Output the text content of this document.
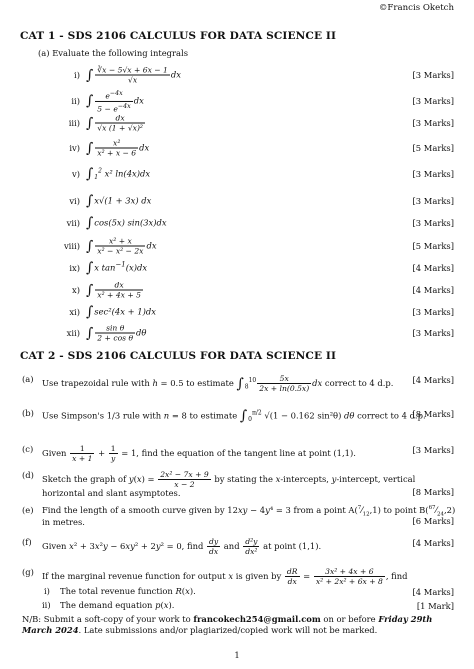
©Francis Oketch
CAT 1 - SDS 2106 CALCULUS FOR DATA SCIENCE II
(a) Evaluate the following integrals
i) ∫ $\frac{∛x - 5√x + 6x - 1}{√x}$ dx	[3 Marks]
ii) ∫ $\frac{e^{-4x}}{5 - e^{-4x}}$ dx	[3 Marks]
iii) ∫ $\frac{dx}{\text{√x (1 + √x)²}}$	[3 Marks]
iv) ∫ $\frac{\text{x²}}{\text{x² + x − 6}}$ dx	[5 Marks]
v) $\int_1^2$ x² ln(4x)dx	[3 Marks]
vi) ∫x√(1 + 3x) dx	[3 Marks]
vii) ∫cos(5x) sin(3x)dx	[3 Marks]
viii) ∫ $\frac{\text{x² + x}}{\text{x² − x² − 2x}}$ dx	[5 Marks]
ix) ∫x $\tan^{-1}(x)dx$	[4 Marks]
x) ∫ $\frac{dx}{\text{x² + 4x + 5}}$	[4 Marks]
xi) ∫sec²(4x + 1)dx	[3 Marks]
xii) ∫ $\frac{\text{sin θ}}{\text{2 + cos θ}}$ dθ	[3 Marks]
CAT 2 - SDS 2106 CALCULUS FOR DATA SCIENCE II
(a) Use trapezoidal rule with h = 0.5 to estimate $\int_8^{10} \frac{5x}{2x + \ln(0.5x)}$ dx correct to 4 d.p. [4 Marks]
(b) Use Simpson's 1/3 rule with n = 8 to estimate $\int_0^{\pi/2}$ √(1 − 0.162 sin²θ) dθ correct to 4 d.p.
[8 Marks]
(c) Given $\frac{1}{x + 1} + \frac{1}{y} = 1$, find the equation of the tangent line at point (1,1).	[3 Marks]
(d) Sketch the graph of $y(x) = \frac{\text{2x² − 7x + 9}}{x - 2}$ by stating the x-intercepts, y-intercept, vertical
horizontal and slant asymptotes.	[8 Marks]
(e) Find the length of a smooth curve given by 12xy − 4y⁴ = 3 from a point $A(^7⁄_{12},1)$ to point $B(^{67}⁄_{24},2)$
in metres.	[6 Marks]
(f) Given x² + 3x²y − 6xy² + 2y² = 0, find $\frac{dy}{dx}$ and $\frac{\text{d²y}}{\text{dx²}}$ at point (1,1).	[4 Marks]
(g) If the marginal revenue function for output x is given by $\frac{dR}{dx} = \frac{\text{3x² + 4x + 6}}{\text{x² + 2x² + 6x + 8}}$ , find
i) The total revenue function R(x).	[4 Marks]
ii) The demand equation p(x).	[1 Mark]
N/B: Submit a soft-copy of your work to francokech254@gmail.com on or before Friday 29th
March 2024. Late submissions and/or plagiarized/copied work will not be marked.
1
